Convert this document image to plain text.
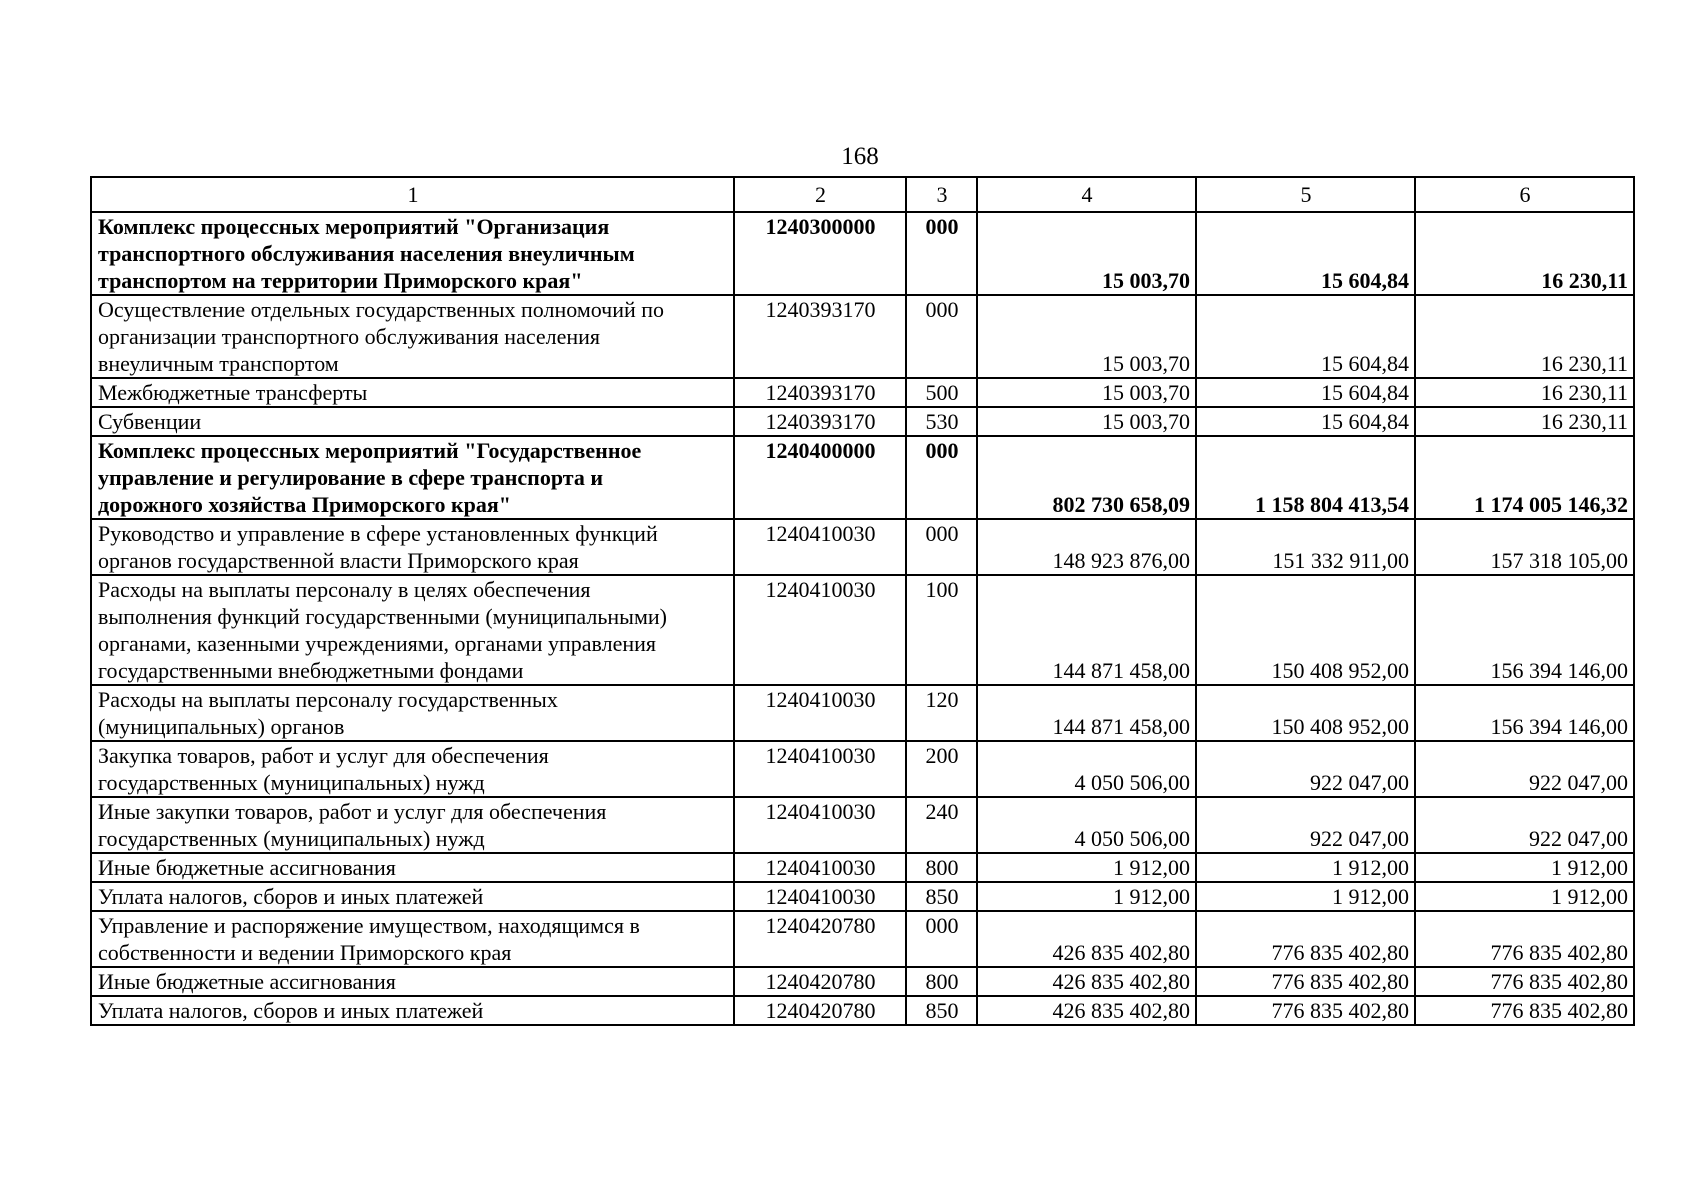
168
1	2	3	4	5	6

Комплекс процессных мероприятий "Организация
транспортного обслуживания населения внеуличным
транспортом на территории Приморского края"	1240300000	000	15 003,70	15 604,84	16 230,11

Осуществление отдельных государственных полномочий по
организации транспортного обслуживания населения
внеуличным транспортом	1240393170	000	15 003,70	15 604,84	16 230,11

Межбюджетные трансферты	1240393170	500	15 003,70	15 604,84	16 230,11

Субвенции	1240393170	530	15 003,70	15 604,84	16 230,11

Комплекс процессных мероприятий "Государственное
управление и регулирование в сфере транспорта и
дорожного хозяйства Приморского края"	1240400000	000	802 730 658,09	1 158 804 413,54	1 174 005 146,32

Руководство и управление в сфере установленных функций
органов государственной власти Приморского края	1240410030	000	148 923 876,00	151 332 911,00	157 318 105,00

Расходы на выплаты персоналу в целях обеспечения
выполнения функций государственными (муниципальными)
органами, казенными учреждениями, органами управления
государственными внебюджетными фондами	1240410030	100	144 871 458,00	150 408 952,00	156 394 146,00

Расходы на выплаты персоналу государственных
(муниципальных) органов	1240410030	120	144 871 458,00	150 408 952,00	156 394 146,00

Закупка товаров, работ и услуг для обеспечения
государственных (муниципальных) нужд	1240410030	200	4 050 506,00	922 047,00	922 047,00

Иные закупки товаров, работ и услуг для обеспечения
государственных (муниципальных) нужд	1240410030	240	4 050 506,00	922 047,00	922 047,00

Иные бюджетные ассигнования	1240410030	800	1 912,00	1 912,00	1 912,00

Уплата налогов, сборов и иных платежей	1240410030	850	1 912,00	1 912,00	1 912,00

Управление и распоряжение имуществом, находящимся в
собственности и ведении Приморского края	1240420780	000	426 835 402,80	776 835 402,80	776 835 402,80

Иные бюджетные ассигнования	1240420780	800	426 835 402,80	776 835 402,80	776 835 402,80

Уплата налогов, сборов и иных платежей	1240420780	850	426 835 402,80	776 835 402,80	776 835 402,80
